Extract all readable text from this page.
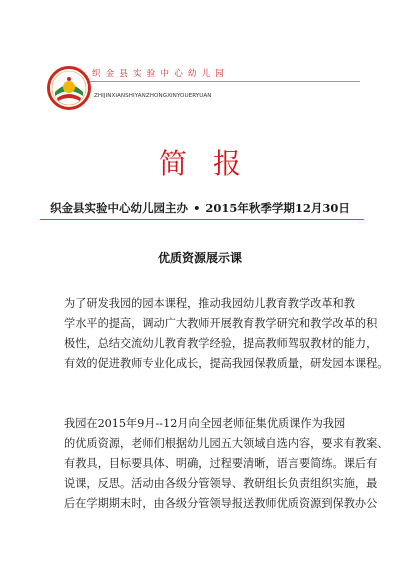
织金县实验中心幼儿园
ZHIJINXIANSHIYANZHONGXINYOUERYUAN
简报
织金县实验中心幼儿园主办 • 2015年秋季学期12月30日
优质资源展示课
为了研发我园的园本课程，推动我园幼儿教育教学改革和教
学水平的提高，调动广大教师开展教育教学研究和教学改革的积
极性，总结交流幼儿教育教学经验，提高教师驾驭教材的能力，
有效的促进教师专业化成长，提高我园保教质量，研发园本课程。
我园在2015年9月--12月向全园老师征集优质课作为我园
的优质资源，老师们根据幼儿园五大领域自选内容，要求有教案、
有教具，目标要具体、明确，过程要清晰，语言要简练。课后有
说课，反思。活动由各级分管领导、教研组长负责组织实施，最
后在学期期末时，由各级分管领导报送教师优质资源到保教办公
